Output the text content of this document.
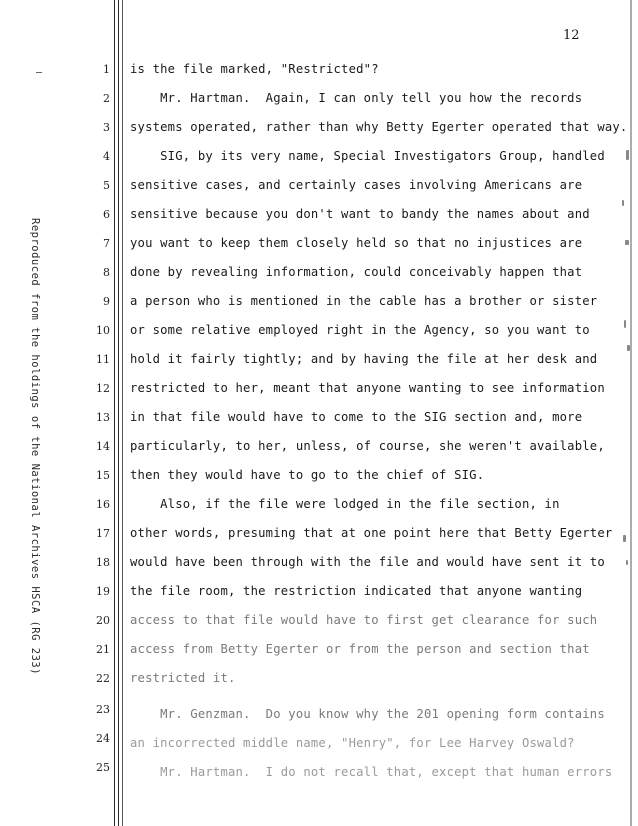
12
Reproduced from the holdings of the National Archives HSCA (RG 233)
1
2
3
4
5
6
7
8
9
10
11
12
13
14
15
16
17
18
19
20
21
22
23
24
25
is the file marked, "Restricted"?
Mr. Hartman.  Again, I can only tell you how the records
systems operated, rather than why Betty Egerter operated that way.
SIG, by its very name, Special Investigators Group, handled
sensitive cases, and certainly cases involving Americans are
sensitive because you don't want to bandy the names about and
you want to keep them closely held so that no injustices are
done by revealing information, could conceivably happen that
a person who is mentioned in the cable has a brother or sister
or some relative employed right in the Agency, so you want to
hold it fairly tightly; and by having the file at her desk and
restricted to her, meant that anyone wanting to see information
in that file would have to come to the SIG section and, more
particularly, to her, unless, of course, she weren't available,
then they would have to go to the chief of SIG.
Also, if the file were lodged in the file section, in
other words, presuming that at one point here that Betty Egerter
would have been through with the file and would have sent it to
the file room, the restriction indicated that anyone wanting
access to that file would have to first get clearance for such
access from Betty Egerter or from the person and section that
restricted it.
Mr. Genzman.  Do you know why the 201 opening form contains
an incorrected middle name, "Henry", for Lee Harvey Oswald?
Mr. Hartman.  I do not recall that, except that human errors
